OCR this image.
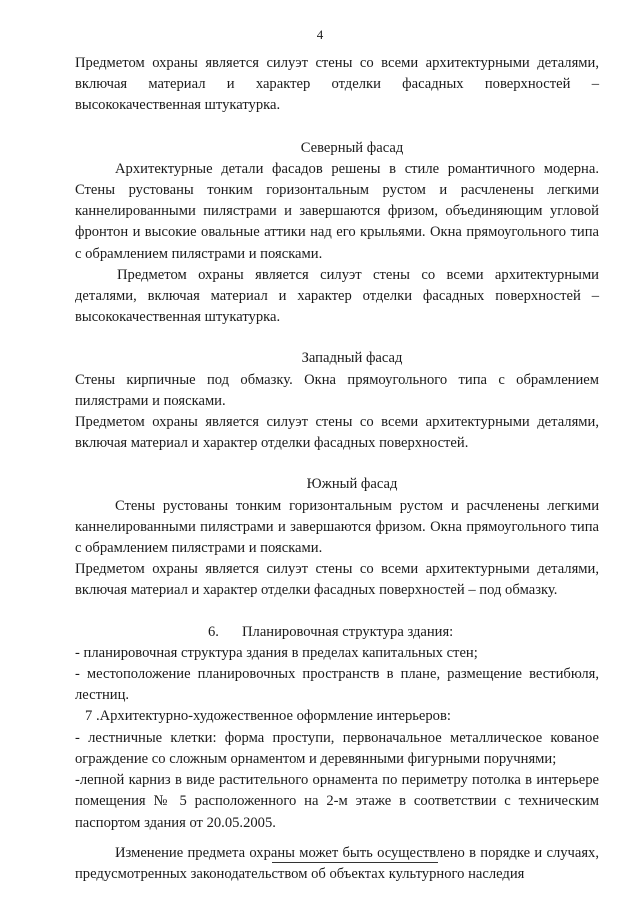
4

Предметом охраны является силуэт стены со всеми архитектурными деталями, включая материал и характер отделки фасадных поверхностей – высококачественная штукатурка.

Северный фасад

Архитектурные детали фасадов решены в стиле романтичного модерна. Стены рустованы тонким горизонтальным рустом и расчленены легкими каннелированными пилястрами и завершаются фризом, объединяющим угловой фронтон и высокие овальные аттики над его крыльями. Окна прямоугольного типа с обрамлением пилястрами и поясками.

Предметом охраны является силуэт стены со всеми архитектурными деталями, включая материал и характер отделки фасадных поверхностей – высококачественная штукатурка.

Западный фасад

Стены кирпичные под обмазку. Окна прямоугольного типа с обрамлением пилястрами и поясками.

Предметом охраны является силуэт стены со всеми архитектурными деталями, включая материал и характер отделки фасадных поверхностей.

Южный фасад

Стены рустованы тонким горизонтальным рустом и расчленены легкими каннелированными пилястрами и завершаются фризом. Окна прямоугольного типа с обрамлением пилястрами и поясками.

Предметом охраны является силуэт стены со всеми архитектурными деталями, включая материал и характер отделки фасадных поверхностей – под обмазку.

6. Планировочная структура здания:

- планировочная структура здания в пределах капитальных стен;

- местоположение планировочных пространств в плане, размещение вестибюля, лестниц.

7 .Архитектурно-художественное оформление интерьеров:

- лестничные клетки: форма проступи, первоначальное металлическое кованое ограждение со сложным орнаментом и деревянными фигурными поручнями;

-лепной карниз в виде растительного орнамента по периметру потолка в интерьере помещения № 5 расположенного на 2-м этаже в соответствии с техническим паспортом здания от 20.05.2005.

Изменение предмета охраны может быть осуществлено в порядке и случаях, предусмотренных законодательством об объектах культурного наследия
